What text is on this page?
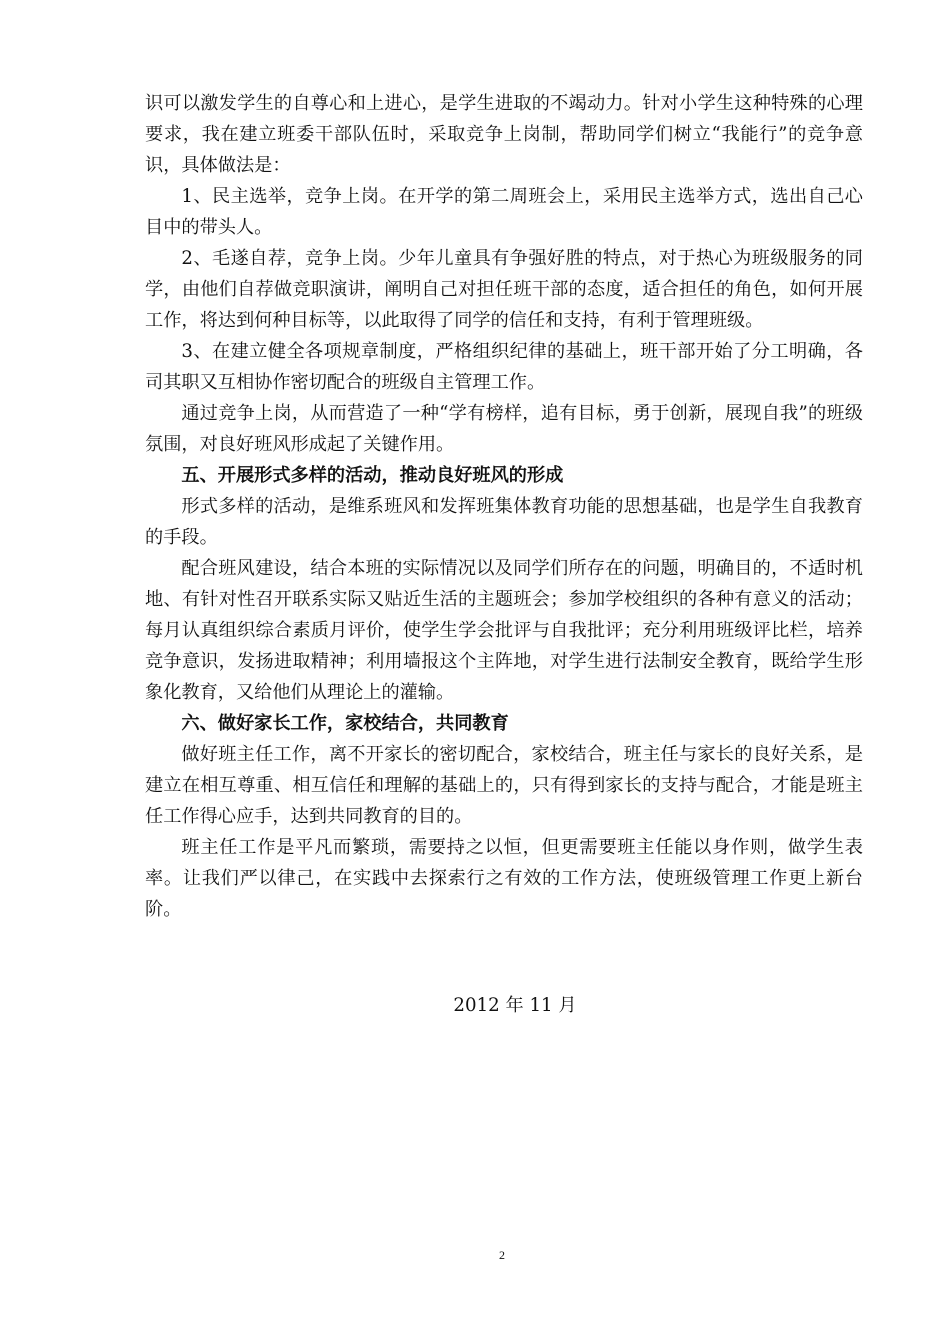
识可以激发学生的自尊心和上进心，是学生进取的不竭动力。针对小学生这种特殊的心理要求，我在建立班委干部队伍时，采取竞争上岗制，帮助同学们树立“我能行”的竞争意识，具体做法是：

1、民主选举，竞争上岗。在开学的第二周班会上，采用民主选举方式，选出自己心目中的带头人。

2、毛遂自荐，竞争上岗。少年儿童具有争强好胜的特点，对于热心为班级服务的同学，由他们自荐做竞职演讲，阐明自己对担任班干部的态度，适合担任的角色，如何开展工作，将达到何种目标等，以此取得了同学的信任和支持，有利于管理班级。

3、在建立健全各项规章制度，严格组织纪律的基础上，班干部开始了分工明确，各司其职又互相协作密切配合的班级自主管理工作。

通过竞争上岗，从而营造了一种“学有榜样，追有目标，勇于创新，展现自我”的班级氛围，对良好班风形成起了关键作用。

五、开展形式多样的活动，推动良好班风的形成

形式多样的活动，是维系班风和发挥班集体教育功能的思想基础，也是学生自我教育的手段。

配合班风建设，结合本班的实际情况以及同学们所存在的问题，明确目的，不适时机地、有针对性召开联系实际又贴近生活的主题班会；参加学校组织的各种有意义的活动；每月认真组织综合素质月评价，使学生学会批评与自我批评；充分利用班级评比栏，培养竞争意识，发扬进取精神；利用墙报这个主阵地，对学生进行法制安全教育，既给学生形象化教育，又给他们从理论上的灌输。

六、做好家长工作，家校结合，共同教育

做好班主任工作，离不开家长的密切配合，家校结合，班主任与家长的良好关系，是建立在相互尊重、相互信任和理解的基础上的，只有得到家长的支持与配合，才能是班主任工作得心应手，达到共同教育的目的。

班主任工作是平凡而繁琐，需要持之以恒，但更需要班主任能以身作则，做学生表率。让我们严以律己，在实践中去探索行之有效的工作方法，使班级管理工作更上新台阶。

2012 年 11 月
2
